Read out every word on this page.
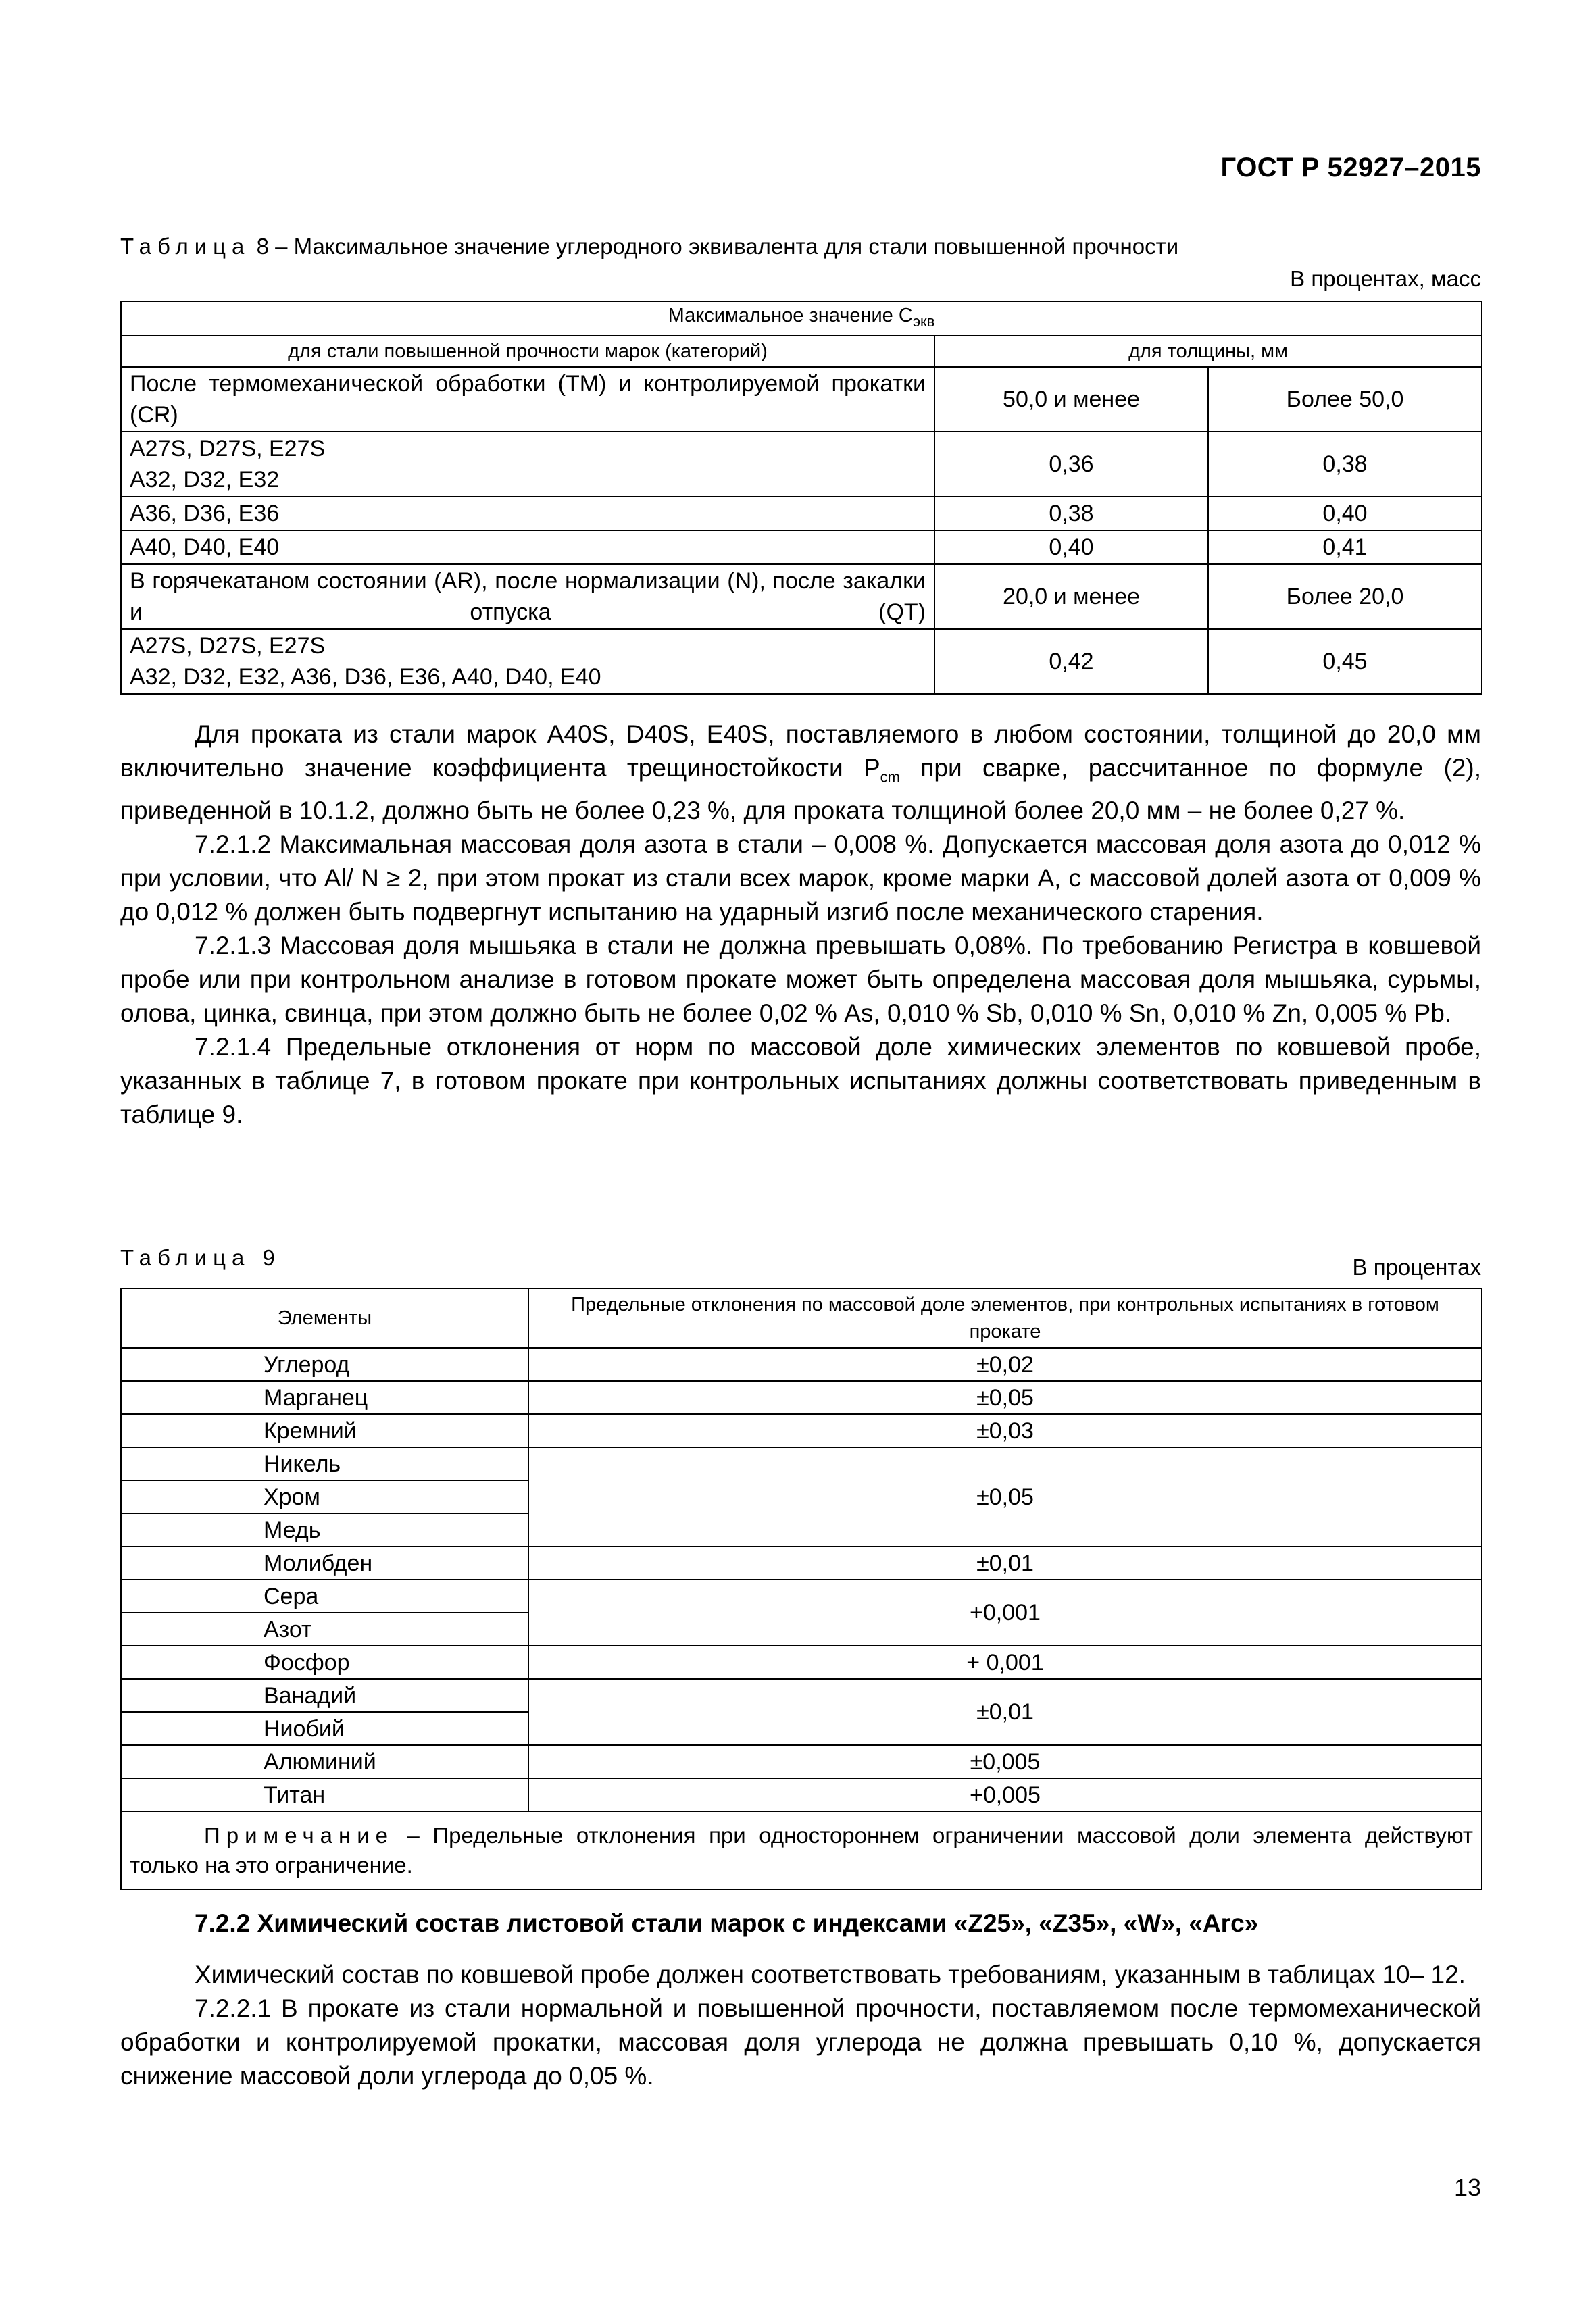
ГОСТ Р 52927–2015
Таблица 8 – Максимальное значение углеродного эквивалента для стали повышенной прочности
В процентах, масс
Максимальное значение $C_{экв}$
для стали повышенной прочности марок (категорий)	для толщины, мм	
После термомеханической обработки (TM) и контролируемой прокатки (CR)	50,0 и менее	Более 50,0

A27S, D27S, E27S
A32, D32, E32	0,36	0,38
A36, D36, E36	0,38	0,40
A40, D40, E40	0,40	0,41
В горячекатаном состоянии (AR), после нормализации (N), после закалки и отпуска (QT)	20,0 и менее	Более 20,0

A27S, D27S, E27S
A32, D32, E32, A36, D36, E36, A40, D40, E40	0,42	0,45

Для проката из стали марок A40S, D40S, E40S, поставляемого в любом состоянии, толщиной до 20,0 мм включительно значение коэффициента трещиностойкости $P_{cm}$ при сварке, рассчитанное по формуле (2), приведенной в 10.1.2, должно быть не более 0,23 %, для проката толщиной более 20,0 мм – не более 0,27 %.

7.2.1.2 Максимальная массовая доля азота в стали – 0,008 %. Допускается массовая доля азота до 0,012 % при условии, что Al/ N ≥ 2, при этом прокат из стали всех марок, кроме марки А, с массовой долей азота от 0,009 % до 0,012 % должен быть подвергнут испытанию на ударный изгиб после механического старения.

7.2.1.3 Массовая доля мышьяка в стали не должна превышать 0,08%. По требованию Регистра в ковшевой пробе или при контрольном анализе в готовом прокате может быть определена массовая доля мышьяка, сурьмы, олова, цинка, свинца, при этом должно быть не более 0,02 % As, 0,010 % Sb, 0,010 % Sn, 0,010 % Zn, 0,005 % Pb.

7.2.1.4 Предельные отклонения от норм по массовой доле химических элементов по ковшевой пробе, указанных в таблице 7, в готовом прокате при контрольных испытаниях должны соответствовать приведенным в таблице 9.

Таблица 9	В процентах
Элементы	Предельные отклонения по массовой доле элементов, при контрольных испытаниях в готовом прокате
Углерод	±0,02
Марганец	±0,05
Кремний	±0,03
Никель	±0,05
Хром	
Медь	
Молибден	±0,01
Сера	+0,001
Азот	
Фосфор	+ 0,001
Ванадий	±0,01
Ниобий	
Алюминий	±0,005
Титан	+0,005
Примечание – Предельные отклонения при одностороннем ограничении массовой доли элемента действуют только на это ограничение.	
7.2.2 Химический состав листовой стали марок с индексами «Z25», «Z35», «W», «Arc»

Химический состав по ковшевой пробе должен соответствовать требованиям, указанным в таблицах 10– 12.

7.2.2.1 В прокате из стали нормальной и повышенной прочности, поставляемом после термомеханической обработки и контролируемой прокатки, массовая доля углерода не должна превышать 0,10 %, допускается снижение массовой доли углерода до 0,05 %.

13
